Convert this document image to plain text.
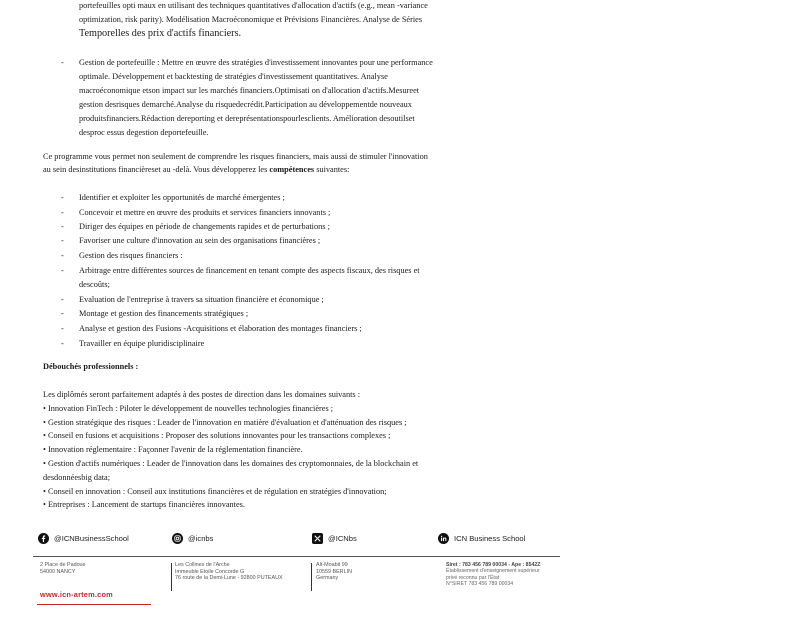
portefeuilles opti maux en utilisant des techniques quantitatives d'allocation d'actifs (e.g., mean -variance
optimization, risk parity). Modélisation Macroéconomique et Prévisions Financières. Analyse de Séries
Temporelles des prix d'actifs financiers.
- Gestion de portefeuille : Mettre en œuvre des stratégies d'investissement innovantes pour une performance
optimale. Développement et backtesting de stratégies d'investissement quantitatives. Analyse
macroéconomique etson impact sur les marchés financiers.Optimisati on d'allocation d'actifs.Mesureet
gestion desrisques demarché.Analyse du risquedecrédit.Participation au développementde nouveaux
produitsfinanciers.Rédaction dereporting et dereprésentationspourlesclients. Amélioration desoutilset
desproc essus degestion deportefeuille.
Ce programme vous permet non seulement de comprendre les risques financiers, mais aussi de stimuler l'innovation
au sein desinstitutions financièreset au -delà. Vous développerez les compétences suivantes:
- Identifier et exploiter les opportunités de marché émergentes ;
- Concevoir et mettre en œuvre des produits et services financiers innovants ;
- Diriger des équipes en période de changements rapides et de perturbations ;
- Favoriser une culture d'innovation au sein des organisations financières ;
- Gestion des risques financiers :
- Arbitrage entre différentes sources de financement en tenant compte des aspects fiscaux, des risques et
descoûts;
- Evaluation de l'entreprise à travers sa situation financière et économique ;
- Montage et gestion des financements stratégiques ;
- Analyse et gestion des Fusions -Acquisitions et élaboration des montages financiers ;
- Travailler en équipe pluridisciplinaire
Débouchés professionnels :
Les diplômés seront parfaitement adaptés à des postes de direction dans les domaines suivants :
• Innovation FinTech : Piloter le développement de nouvelles technologies financières ;
• Gestion stratégique des risques : Leader de l'innovation en matière d'évaluation et d'atténuation des risques ;
• Conseil en fusions et acquisitions : Proposer des solutions innovantes pour les transactions complexes ;
• Innovation réglementaire : Façonner l'avenir de la réglementation financière.
• Gestion d'actifs numériques : Leader de l'innovation dans les domaines des cryptomonnaies, de la blockchain et
desdonnéesbig data;
• Conseil en innovation : Conseil aux institutions financières et de régulation en stratégies d'innovation;
• Entreprises : Lancement de startups financières innovantes.
@ICNBusinessSchool	@icnbs	@ICNbs	ICN Business School
2 Place de Padoue
54000 NANCY
Les Collines de l'Arche
Immeuble Etoile Concorde G
76 route de la Demi-Lune - 92800 PUTEAUX
Alt-Moabit 99
10559 BERLIN
Germany
Siret : 783 456 789 00034 - Ape : 8542Z
Établissement d'enseignement supérieur
privé reconnu par l'État
N°SIRET 783 456 789 00034
www.icn-artem.com
